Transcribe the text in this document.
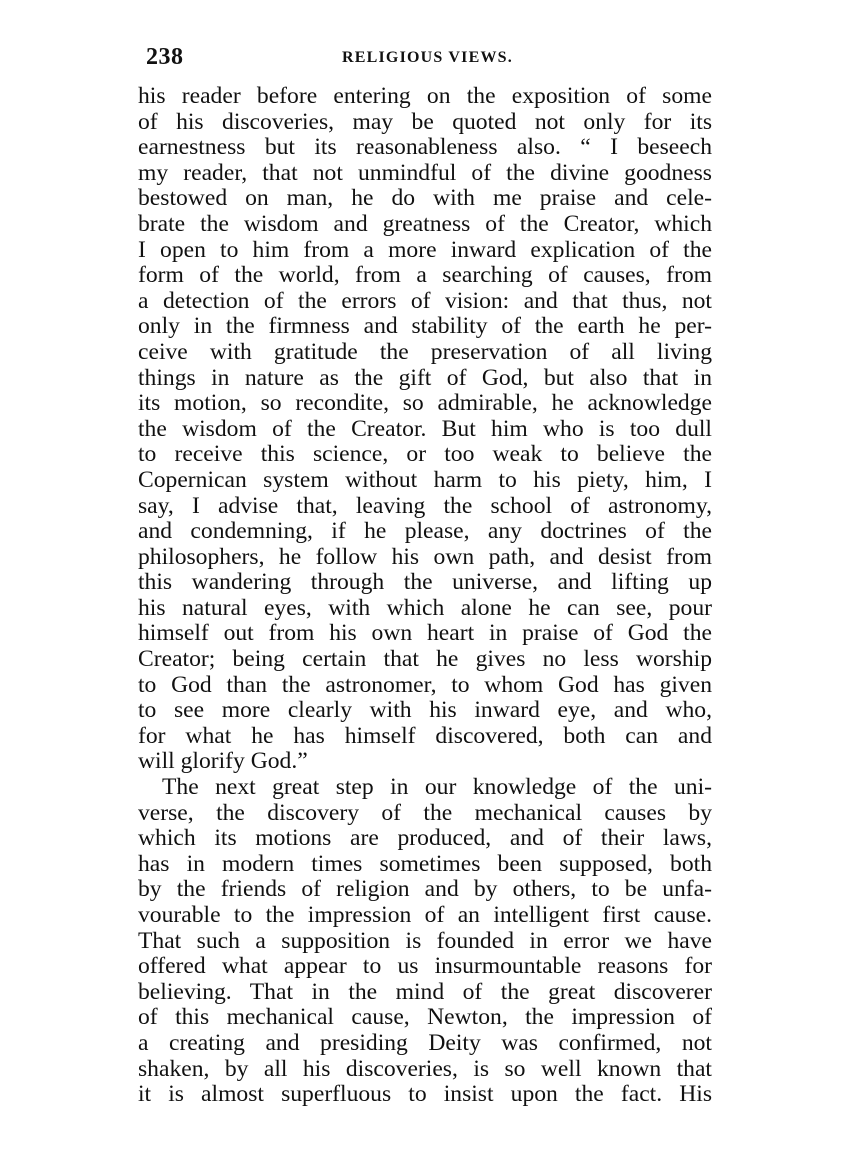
238	RELIGIOUS VIEWS.
his reader before entering on the exposition of some
of his discoveries, may be quoted not only for its
earnestness but its reasonableness also. “ I beseech
my reader, that not unmindful of the divine goodness
bestowed on man, he do with me praise and cele-
brate the wisdom and greatness of the Creator, which
I open to him from a more inward explication of the
form of the world, from a searching of causes, from
a detection of the errors of vision: and that thus, not
only in the firmness and stability of the earth he per-
ceive with gratitude the preservation of all living
things in nature as the gift of God, but also that in
its motion, so recondite, so admirable, he acknowledge
the wisdom of the Creator. But him who is too dull
to receive this science, or too weak to believe the
Copernican system without harm to his piety, him, I
say, I advise that, leaving the school of astronomy,
and condemning, if he please, any doctrines of the
philosophers, he follow his own path, and desist from
this wandering through the universe, and lifting up
his natural eyes, with which alone he can see, pour
himself out from his own heart in praise of God the
Creator; being certain that he gives no less worship
to God than the astronomer, to whom God has given
to see more clearly with his inward eye, and who,
for what he has himself discovered, both can and
will glorify God.”
The next great step in our knowledge of the uni-
verse, the discovery of the mechanical causes by
which its motions are produced, and of their laws,
has in modern times sometimes been supposed, both
by the friends of religion and by others, to be unfa-
vourable to the impression of an intelligent first cause.
That such a supposition is founded in error we have
offered what appear to us insurmountable reasons for
believing. That in the mind of the great discoverer
of this mechanical cause, Newton, the impression of
a creating and presiding Deity was confirmed, not
shaken, by all his discoveries, is so well known that
it is almost superfluous to insist upon the fact. His
